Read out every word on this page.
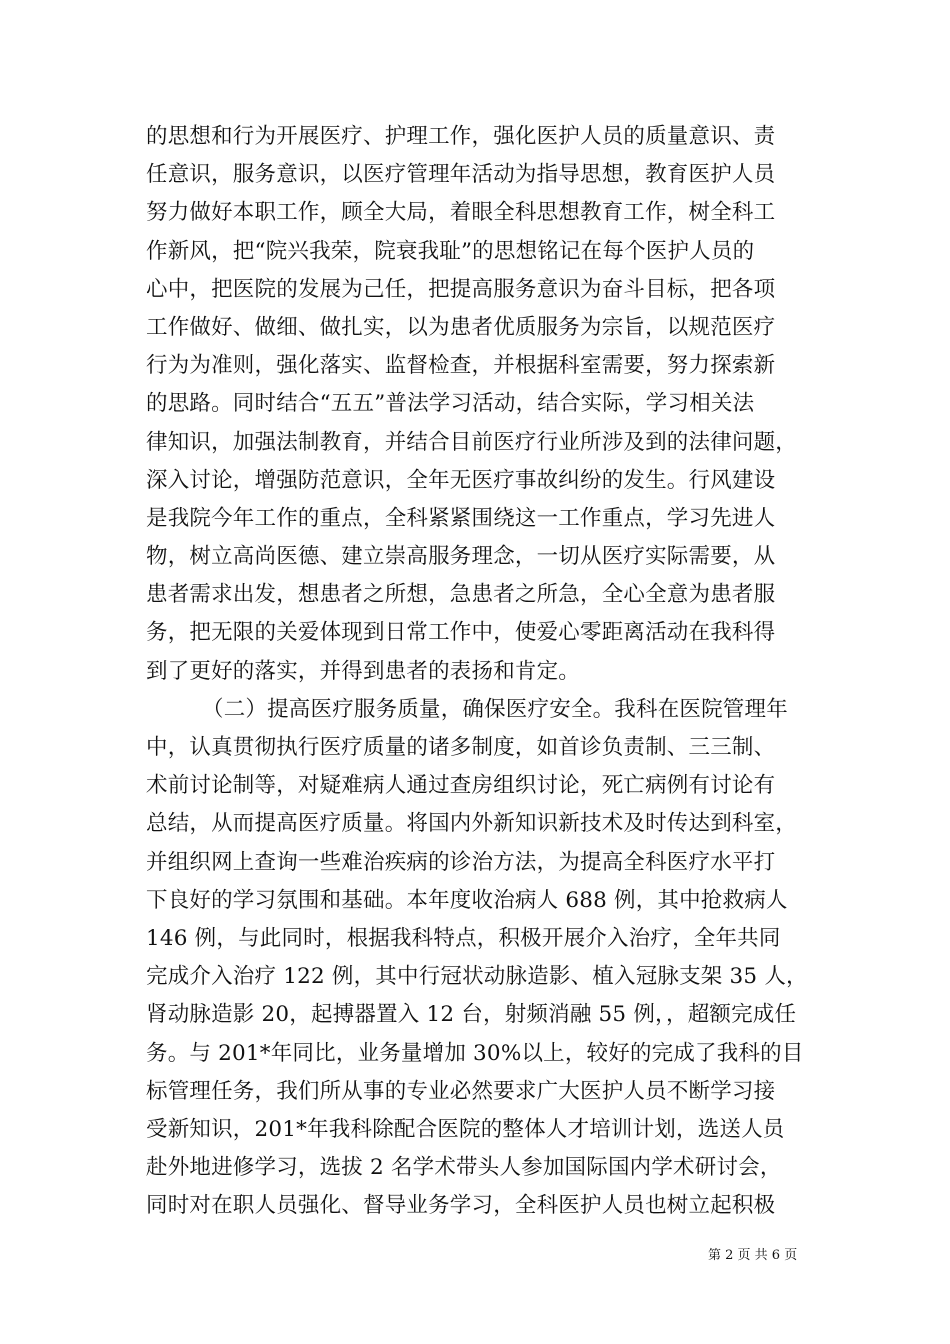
的思想和行为开展医疗、护理工作，强化医护人员的质量意识、责
任意识，服务意识，以医疗管理年活动为指导思想，教育医护人员
努力做好本职工作，顾全大局，着眼全科思想教育工作，树全科工
作新风，把“院兴我荣，院衰我耻”的思想铭记在每个医护人员的
心中，把医院的发展为己任，把提高服务意识为奋斗目标，把各项
工作做好、做细、做扎实，以为患者优质服务为宗旨，以规范医疗
行为为准则，强化落实、监督检查，并根据科室需要，努力探索新
的思路。同时结合“五五”普法学习活动，结合实际，学习相关法
律知识，加强法制教育，并结合目前医疗行业所涉及到的法律问题，
深入讨论，增强防范意识，全年无医疗事故纠纷的发生。行风建设
是我院今年工作的重点，全科紧紧围绕这一工作重点，学习先进人
物，树立高尚医德、建立崇高服务理念，一切从医疗实际需要，从
患者需求出发，想患者之所想，急患者之所急，全心全意为患者服
务，把无限的关爱体现到日常工作中，使爱心零距离活动在我科得
到了更好的落实，并得到患者的表扬和肯定。
（二）提高医疗服务质量，确保医疗安全。我科在医院管理年
中，认真贯彻执行医疗质量的诸多制度，如首诊负责制、三三制、
术前讨论制等，对疑难病人通过查房组织讨论，死亡病例有讨论有
总结，从而提高医疗质量。将国内外新知识新技术及时传达到科室，
并组织网上查询一些难治疾病的诊治方法，为提高全科医疗水平打
下良好的学习氛围和基础。本年度收治病人 688 例，其中抢救病人
146 例，与此同时，根据我科特点，积极开展介入治疗，全年共同
完成介入治疗 122 例，其中行冠状动脉造影、植入冠脉支架 35 人，
肾动脉造影 20，起搏器置入 12 台，射频消融 55 例，，超额完成任
务。与 201*年同比，业务量增加 30%以上，较好的完成了我科的目
标管理任务，我们所从事的专业必然要求广大医护人员不断学习接
受新知识，201*年我科除配合医院的整体人才培训计划，选送人员
赴外地进修学习，选拔 2 名学术带头人参加国际国内学术研讨会，
同时对在职人员强化、督导业务学习，全科医护人员也树立起积极
第 2 页 共 6 页
